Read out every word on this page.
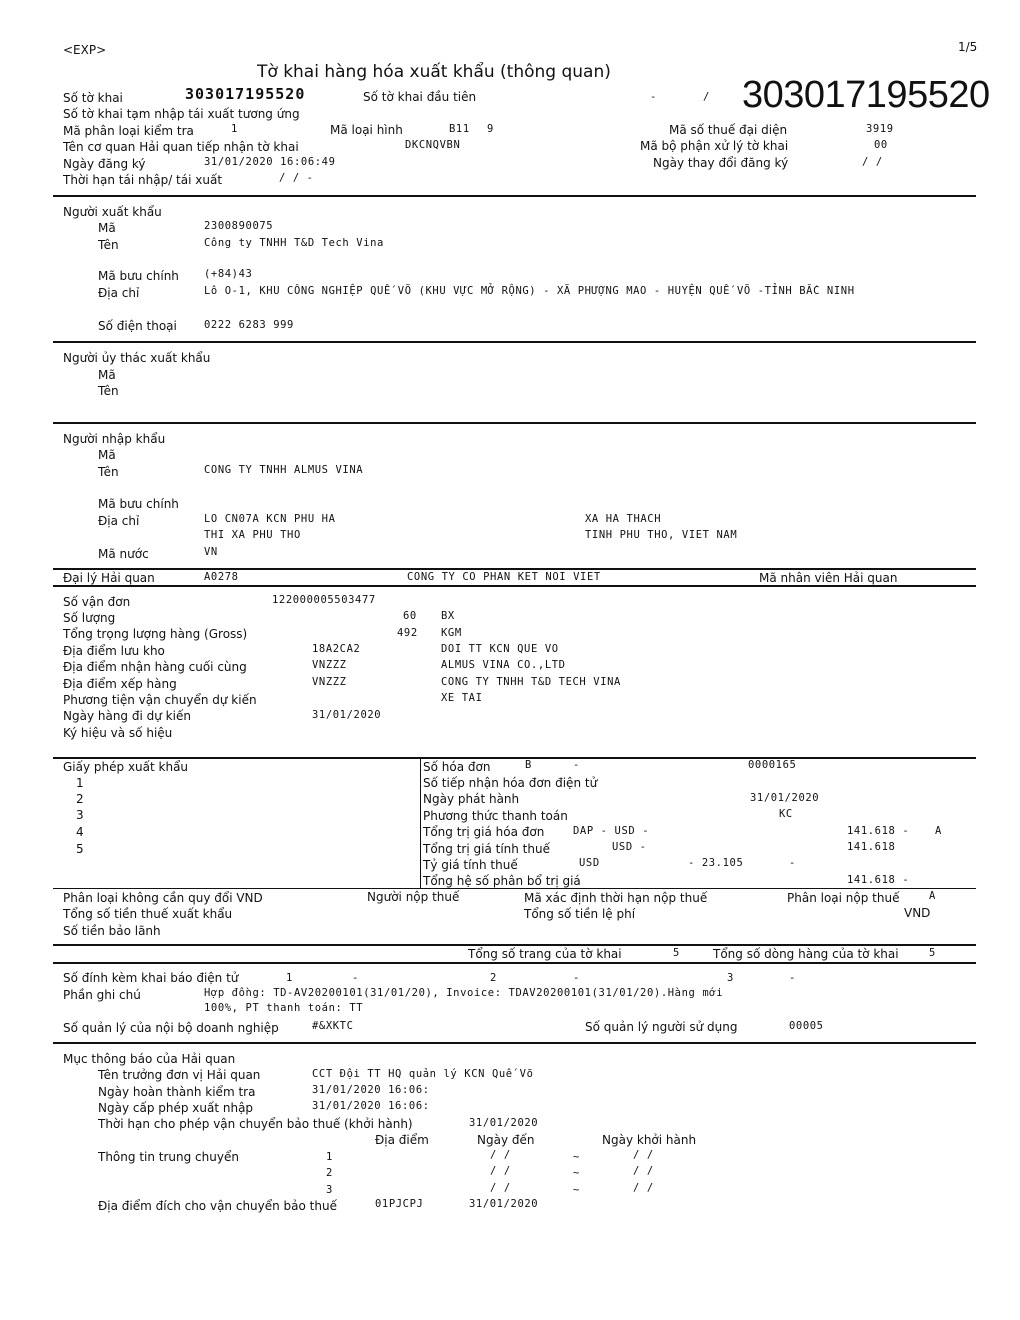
<EXP>	1/5
Tờ khai hàng hóa xuất khẩu (thông quan)
303017195520
Số tờ khai	303017195520	Số tờ khai đầu tiên	-	/
Số tờ khai tạm nhập tái xuất tương ứng
Mã phân loại kiểm tra	1	Mã loại hình	B11 9	Mã số thuế đại diện	3919
Tên cơ quan Hải quan tiếp nhận tờ khai	DKCNQVBN	Mã bộ phận xử lý tờ khai	00
Ngày đăng ký	31/01/2020 16:06:49	Ngày thay đổi đăng ký	/ /
Thời hạn tái nhập/ tái xuất	/ / -
Người xuất khẩu
Mã	2300890075
Tên	Công ty TNHH T&D Tech Vina
Mã bưu chính (+84)43
Địa chỉ	Lô O-1, KHU CÔNG NGHIỆP QUẾ VÕ (KHU VỰC MỞ RỘNG) - XÃ PHƯỢNG MAO - HUYỆN QUẾ VÕ -TỈNH BẮC NINH
Số điện thoại	0222 6283 999
Người ủy thác xuất khẩu
Mã
Tên
Người nhập khẩu
Mã
Tên	CONG TY TNHH ALMUS VINA
Mã bưu chính
Địa chỉ	LO CN07A KCN PHU HA	XA HA THACH
THI XA PHU THO	TINH PHU THO, VIET NAM
Mã nước	VN
Đại lý Hải quan	A0278	CONG TY CO PHAN KET NOI VIET	Mã nhân viên Hải quan
Số vận đơn	122000005503477
Số lượng	60 BX
Tổng trọng lượng hàng (Gross)	492 KGM
Địa điểm lưu kho	18A2CA2	DOI TT KCN QUE VO
Địa điểm nhận hàng cuối cùng	VNZZZ	ALMUS VINA CO.,LTD
Địa điểm xếp hàng	VNZZZ	CONG TY TNHH T&D TECH VINA
Phương tiện vận chuyển dự kiến	XE TAI
Ngày hàng đi dự kiến	31/01/2020
Ký hiệu và số hiệu
Giấy phép xuất khẩu
1
2
3
4
5
Số hóa đơn	B	-	0000165
Số tiếp nhận hóa đơn điện tử
Ngày phát hành	31/01/2020
Phương thức thanh toán	KC
Tổng trị giá hóa đơn	DAP - USD -	141.618 - A
Tổng trị giá tính thuế	USD -	141.618
Tỷ giá tính thuế	USD	- 23.105	-
Tổng hệ số phân bổ trị giá	141.618 -
Phân loại không cần quy đổi VND	Người nộp thuế	Mã xác định thời hạn nộp thuế	Phân loại nộp thuế	A
Tổng số tiền thuế xuất khẩu	Tổng số tiền lệ phí	VND
Số tiền bảo lãnh
Tổng số trang của tờ khai	5	Tổng số dòng hàng của tờ khai	5
Số đính kèm khai báo điện tử	1	-	2	-	3	-
Phần ghi chú	Hợp đồng: TD-AV20200101(31/01/20), Invoice: TDAV20200101(31/01/20).Hàng mới
100%, PT thanh toán: TT
Số quản lý của nội bộ doanh nghiệp	#&XKTC	Số quản lý người sử dụng	00005
Mục thông báo của Hải quan
Tên trưởng đơn vị Hải quan	CCT Đội TT HQ quản lý KCN Quế Võ
Ngày hoàn thành kiểm tra	31/01/2020 16:06:
Ngày cấp phép xuất nhập	31/01/2020 16:06:
Thời hạn cho phép vận chuyển bảo thuế (khởi hành)	31/01/2020
Địa điểm	Ngày đến	Ngày khởi hành
Thông tin trung chuyển	1	/ /	~	/ /
2	/ /	~	/ /
3	/ /	~	/ /
Địa điểm đích cho vận chuyển bảo thuế	01PJCPJ	31/01/2020
